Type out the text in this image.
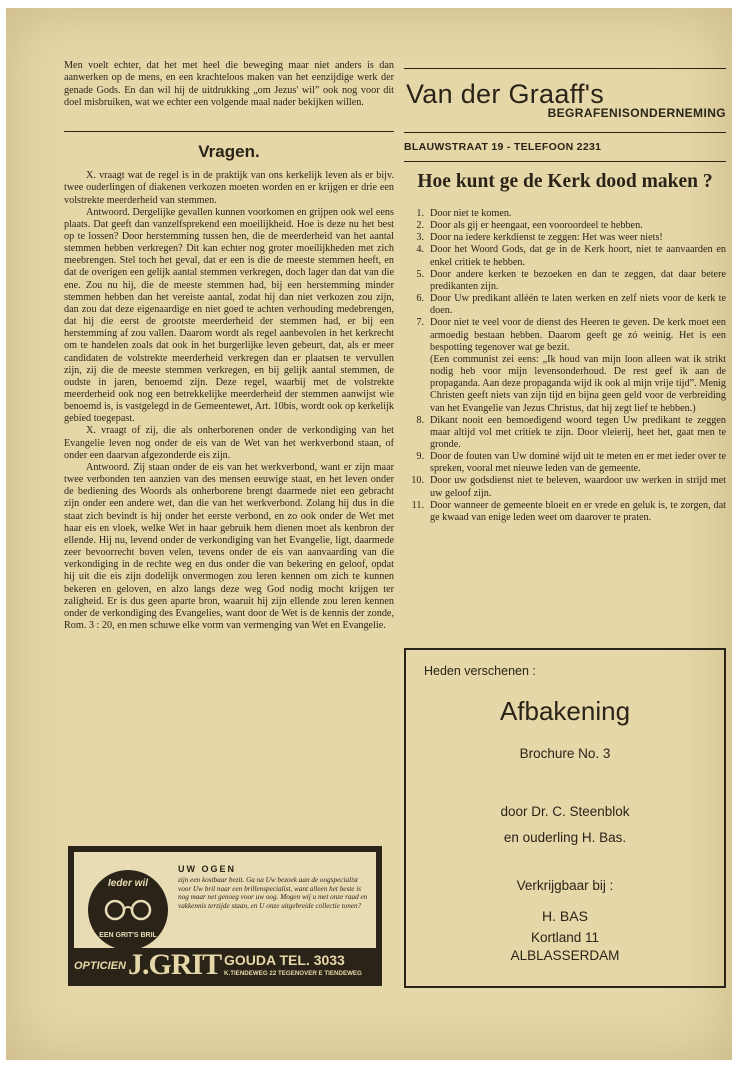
Men voelt echter, dat het met heel die beweging maar niet anders is dan aanwerken op de mens, en een krachteloos maken van het eenzijdige werk der genade Gods. En dan wil hij de uitdrukking „om Jezus' wil” ook nog voor dit doel misbruiken, wat we echter een volgende maal nader bekijken willen.

Vragen.

X. vraagt wat de regel is in de praktijk van ons kerkelijk leven als er bijv. twee ouderlingen of diakenen verkozen moeten worden en er krijgen er drie een volstrekte meerderheid van stemmen.

Antwoord. Dergelijke gevallen kunnen voorkomen en grijpen ook wel eens plaats. Dat geeft dan vanzelfsprekend een moeilijkheid. Hoe is deze nu het best op te lossen? Door herstemming tussen hen, die de meerderheid van het aantal stemmen hebben verkregen? Dit kan echter nog groter moeilijkheden met zich meebrengen. Stel toch het geval, dat er een is die de meeste stemmen heeft, en dat de overigen een gelijk aantal stemmen verkregen, doch lager dan dat van die ene. Zou nu hij, die de meeste stemmen had, bij een herstemming minder stemmen hebben dan het vereiste aantal, zodat hij dan niet verkozen zou zijn, dan zou dat deze eigenaardige en niet goed te achten verhouding medebrengen, dat hij die eerst de grootste meerderheid der stemmen had, er bij een herstemming af zou vallen. Daarom wordt als regel aanbevolen in het kerkrecht om te handelen zoals dat ook in het burgerlijke leven gebeurt, dat, als er meer candidaten de volstrekte meerderheid verkregen dan er plaatsen te vervullen zijn, zij die de meeste stemmen verkregen, en bij gelijk aantal stemmen, de oudste in jaren, benoemd zijn. Deze regel, waarbij met de volstrekte meerderheid ook nog een betrekkelijke meerderheid der stemmen aanwijst wie benoemd is, is vastgelegd in de Gemeentewet, Art. 10bis, wordt ook op kerkelijk gebied toegepast.

X. vraagt of zij, die als onherborenen onder de verkondiging van het Evangelie leven nog onder de eis van de Wet van het werkverbond staan, of onder een daarvan afgezonderde eis zijn.

Antwoord. Zij staan onder de eis van het werkverbond, want er zijn maar twee verbonden ten aanzien van des mensen eeuwige staat, en het leven onder de bediening des Woords als onherborene brengt daarmede niet een gebracht zijn onder een andere wet, dan die van het werkverbond. Zolang hij dus in die staat zich bevindt is hij onder het eerste verbond, en zo ook onder de Wet met haar eis en vloek, welke Wet in haar gebruik hem dienen moet als kenbron der ellende. Hij nu, levend onder de verkondiging van het Evangelie, ligt, daarmede zeer bevoorrecht boven velen, tevens onder de eis van aanvaarding van die verkondiging in de rechte weg en dus onder die van bekering en geloof, opdat hij uit die eis zijn dodelijk onvermogen zou leren kennen om zich te kunnen bekeren en geloven, en alzo langs deze weg God nodig mocht krijgen ter zaligheid. Er is dus geen aparte bron, waaruit hij zijn ellende zou leren kennen onder de verkondiging des Evangelies, want door de Wet is de kennis der zonde, Rom. 3 : 20, en men schuwe elke vorm van vermenging van Wet en Evangelie.

Ieder wil
EEN GRIT'S BRIL
UW OGEN
zijn een kostbaar bezit. Ga na Uw bezoek aan de oogspecialist voor Uw bril naar een brillenspecialist, want alleen het beste is nog maar net genoeg voor uw oog. Mogen wij u met onze raad en vakkennis terzijde staan, en U onze uitgebreide collectie tonen?
OPTICIEN J.GRIT GOUDA TEL. 3033
K.TIENDEWEG 22 TEGENOVER E TIENDEWEG
Van der Graaff's
BEGRAFENISONDERNEMING
BLAUWSTRAAT 19 - TELEFOON 2231
Hoe kunt ge de Kerk dood maken ?
1. Door niet te komen.
2. Door als gij er heengaat, een vooroordeel te hebben.
3. Door na iedere kerkdienst te zeggen: Het was weer niets!
4. Door het Woord Gods, dat ge in de Kerk hoort, niet te aanvaarden en enkel critiek te hebben.
5. Door andere kerken te bezoeken en dan te zeggen, dat daar betere predikanten zijn.
6. Door Uw predikant alléén te laten werken en zelf niets voor de kerk te doen.
7. Door niet te veel voor de dienst des Heeren te geven. De kerk moet een armoedig bestaan hebben. Daarom geeft ge zó weinig. Het is een bespotting tegenover wat ge bezit.
(Een communist zei eens: „Ik houd van mijn loon alleen wat ik strikt nodig heb voor mijn levensonderhoud. De rest geef ik aan de propaganda. Aan deze propaganda wijd ik ook al mijn vrije tijd”. Menig Christen geeft niets van zijn tijd en bijna geen geld voor de verbreiding van het Evangelie van Jezus Christus, dat hij zegt lief te hebben.)
8. Dikant nooit een bemoedigend woord tegen Uw predikant te zeggen maar altijd vol met critiek te zijn. Door vleierij, heet het, gaat men te gronde.
9. Door de fouten van Uw dominé wijd uit te meten en er met ieder over te spreken, vooral met nieuwe leden van de gemeente.
10. Door uw godsdienst niet te beleven, waardoor uw werken in strijd met uw geloof zijn.
11. Door wanneer de gemeente bloeit en er vrede en geluk is, te zorgen, dat ge kwaad van enige leden weet om daarover te praten.
Heden verschenen :
Afbakening
Brochure No. 3
door Dr. C. Steenblok
en ouderling H. Bas.
Verkrijgbaar bij :
H. BAS
Kortland 11
ALBLASSERDAM
